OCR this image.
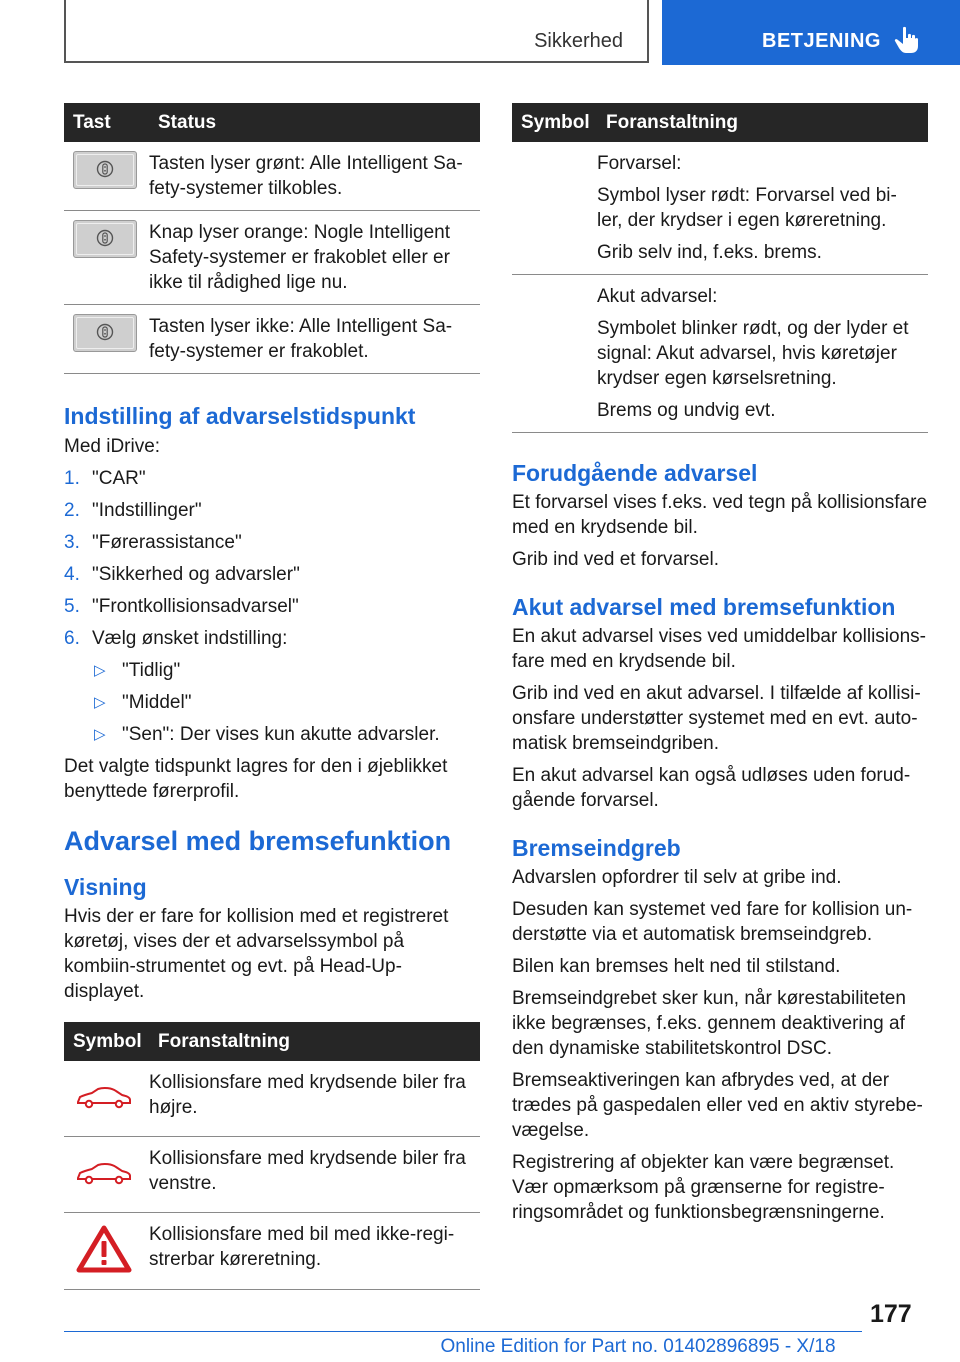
Sikkerhed	BETJENING
Tast	Status

	Tasten lyser grønt: Alle Intelligent Sa-fety-systemer tilkobles.

	Knap lyser orange: Nogle Intelligent Safety-systemer er frakoblet eller er ikke til rådighed lige nu.

	Tasten lyser ikke: Alle Intelligent Sa-fety-systemer er frakoblet.
Indstilling af advarselstidspunkt

Med iDrive:

1. "CAR"
2. "Indstillinger"
3. "Førerassistance"
4. "Sikkerhed og advarsler"
5. "Frontkollisionsadvarsel"
6. Vælg ønsket indstilling:
▷ "Tidlig"
▷ "Middel"
▷ "Sen": Der vises kun akutte advarsler.

Det valgte tidspunkt lagres for den i øjeblikket benyttede førerprofil.

Advarsel med bremsefunktion
Visning

Hvis der er fare for kollision med et registreret køretøj, vises der et advarselssymbol på kombiin-strumentet og evt. på Head-Up-displayet.

Symbol	Foranstaltning
	Kollisionsfare med krydsende biler fra højre.
	Kollisionsfare med krydsende biler fra venstre.
	Kollisionsfare med bil med ikke-regi-strerbar køreretning.
Symbol	Foranstaltning

	Forvarsel:

Symbol lyser rødt: Forvarsel ved bi-ler, der krydser i egen køreretning.

Grib selv ind, f.eks. brems.

	Akut advarsel:

Symbolet blinker rødt, og der lyder et signal: Akut advarsel, hvis køretøjer krydser egen kørselsretning.

Brems og undvig evt.

Forudgående advarsel

Et forvarsel vises f.eks. ved tegn på kollisionsfare med en krydsende bil.

Grib ind ved et forvarsel.

Akut advarsel med bremsefunktion

En akut advarsel vises ved umiddelbar kollisions-fare med en krydsende bil.

Grib ind ved en akut advarsel. I tilfælde af kollisi-onsfare understøtter systemet med en evt. auto-matisk bremseindgriben.

En akut advarsel kan også udløses uden forud-gående forvarsel.

Bremseindgreb

Advarslen opfordrer til selv at gribe ind.

Desuden kan systemet ved fare for kollision un-derstøtte via et automatisk bremseindgreb.

Bilen kan bremses helt ned til stilstand.

Bremseindgrebet sker kun, når kørestabiliteten ikke begrænses, f.eks. gennem deaktivering af den dynamiske stabilitetskontrol DSC.

Bremseaktiveringen kan afbrydes ved, at der trædes på gaspedalen eller ved en aktiv styrebe-vægelse.

Registrering af objekter kan være begrænset. Vær opmærksom på grænserne for registre-ringsområdet og funktionsbegrænsningerne.

177
Online Edition for Part no. 01402896895 - X/18
